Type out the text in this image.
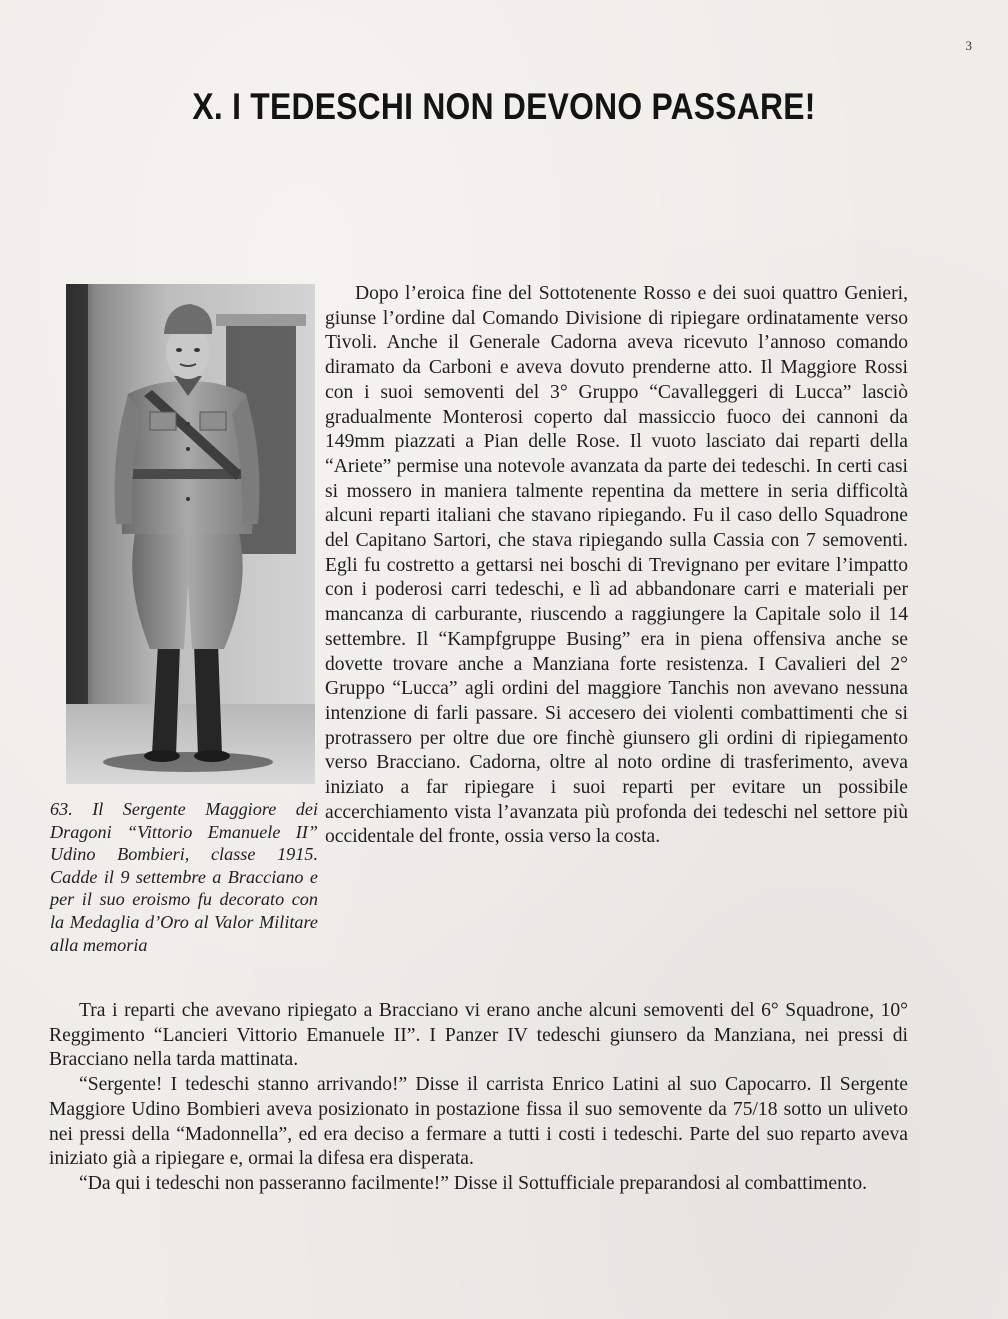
3
X. I TEDESCHI NON DEVONO PASSARE!
63. Il Sergente Maggiore dei Dragoni “Vittorio Emanuele II” Udino Bombieri, classe 1915. Cadde il 9 settembre a Bracciano e per il suo eroismo fu decorato con la Medaglia d’Oro al Valor Militare alla memoria

Dopo l’eroica fine del Sottotenente Rosso e dei suoi quattro Genieri, giunse l’ordine dal Comando Divisione di ripiegare ordinatamente verso Tivoli. Anche il Generale Cadorna aveva ricevuto l’annoso comando diramato da Carboni e aveva dovuto prenderne atto. Il Maggiore Rossi con i suoi semoventi del 3° Gruppo “Cavalleggeri di Lucca” lasciò gradualmente Monterosi coperto dal massiccio fuoco dei cannoni da 149mm piazzati a Pian delle Rose. Il vuoto lasciato dai reparti della “Ariete” permise una notevole avanzata da parte dei tedeschi. In certi casi si mossero in maniera talmente repentina da mettere in seria difficoltà alcuni reparti italiani che stavano ripiegando. Fu il caso dello Squadrone del Capitano Sartori, che stava ripiegando sulla Cassia con 7 semoventi. Egli fu costretto a gettarsi nei boschi di Trevignano per evitare l’impatto con i poderosi carri tedeschi, e lì ad abbandonare carri e materiali per mancanza di carburante, riuscendo a raggiungere la Capitale solo il 14 settembre. Il “Kampfgruppe Busing” era in piena offensiva anche se dovette trovare anche a Manziana forte resistenza. I Cavalieri del 2° Gruppo “Lucca” agli ordini del maggiore Tanchis non avevano nessuna intenzione di farli passare. Si accesero dei violenti combattimenti che si protrassero per oltre due ore finchè giunsero gli ordini di ripiegamento verso Bracciano. Cadorna, oltre al noto ordine di trasferimento, aveva iniziato a far ripiegare i suoi reparti per evitare un possibile accerchiamento vista l’avanzata più profonda dei tedeschi nel settore più occidentale del fronte, ossia verso la costa.

Tra i reparti che avevano ripiegato a Bracciano vi erano anche alcuni semoventi del 6° Squadrone, 10° Reggimento “Lancieri Vittorio Emanuele II”. I Panzer IV tedeschi giunsero da Manziana, nei pressi di Bracciano nella tarda mattinata.

“Sergente! I tedeschi stanno arrivando!” Disse il carrista Enrico Latini al suo Capocarro. Il Sergente Maggiore Udino Bombieri aveva posizionato in postazione fissa il suo semovente da 75/18 sotto un uliveto nei pressi della “Madonnella”, ed era deciso a fermare a tutti i costi i tedeschi. Parte del suo reparto aveva iniziato già a ripiegare e, ormai la difesa era disperata.

“Da qui i tedeschi non passeranno facilmente!” Disse il Sottufficiale preparandosi al combattimento.
